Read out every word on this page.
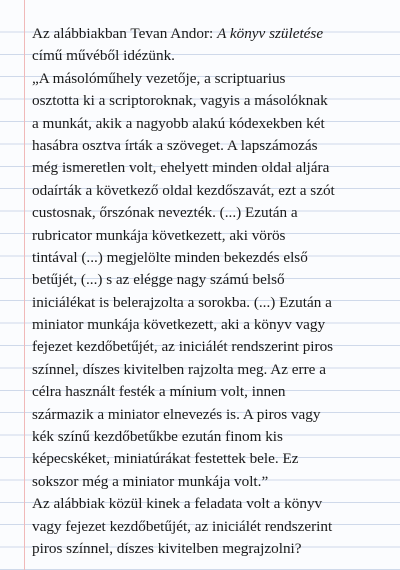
Az alábbiakban Tevan Andor: A könyv születése
című művéből idézünk.
„A másolóműhely vezetője, a scriptuarius
osztotta ki a scriptoroknak, vagyis a másolóknak
a munkát, akik a nagyobb alakú kódexekben két
hasábra osztva írták a szöveget. A lapszámozás
még ismeretlen volt, ehelyett minden oldal aljára
odaírták a következő oldal kezdőszavát, ezt a szót
custosnak, őrszónak nevezték. (...) Ezután a
rubricator munkája következett, aki vörös
tintával (...) megjelölte minden bekezdés első
betűjét, (...) s az elégge nagy számú belső
iniciálékat is belerajzolta a sorokba. (...) Ezután a
miniator munkája következett, aki a könyv vagy
fejezet kezdőbetűjét, az iniciálét rendszerint piros
színnel, díszes kivitelben rajzolta meg. Az erre a
célra használt festék a mínium volt, innen
származik a miniator elnevezés is. A piros vagy
kék színű kezdőbetűkbe ezután finom kis
képecskéket, miniatúrákat festettek bele. Ez
sokszor még a miniator munkája volt.”
Az alábbiak közül kinek a feladata volt a könyv
vagy fejezet kezdőbetűjét, az iniciálét rendszerint
piros színnel, díszes kivitelben megrajzolni?
